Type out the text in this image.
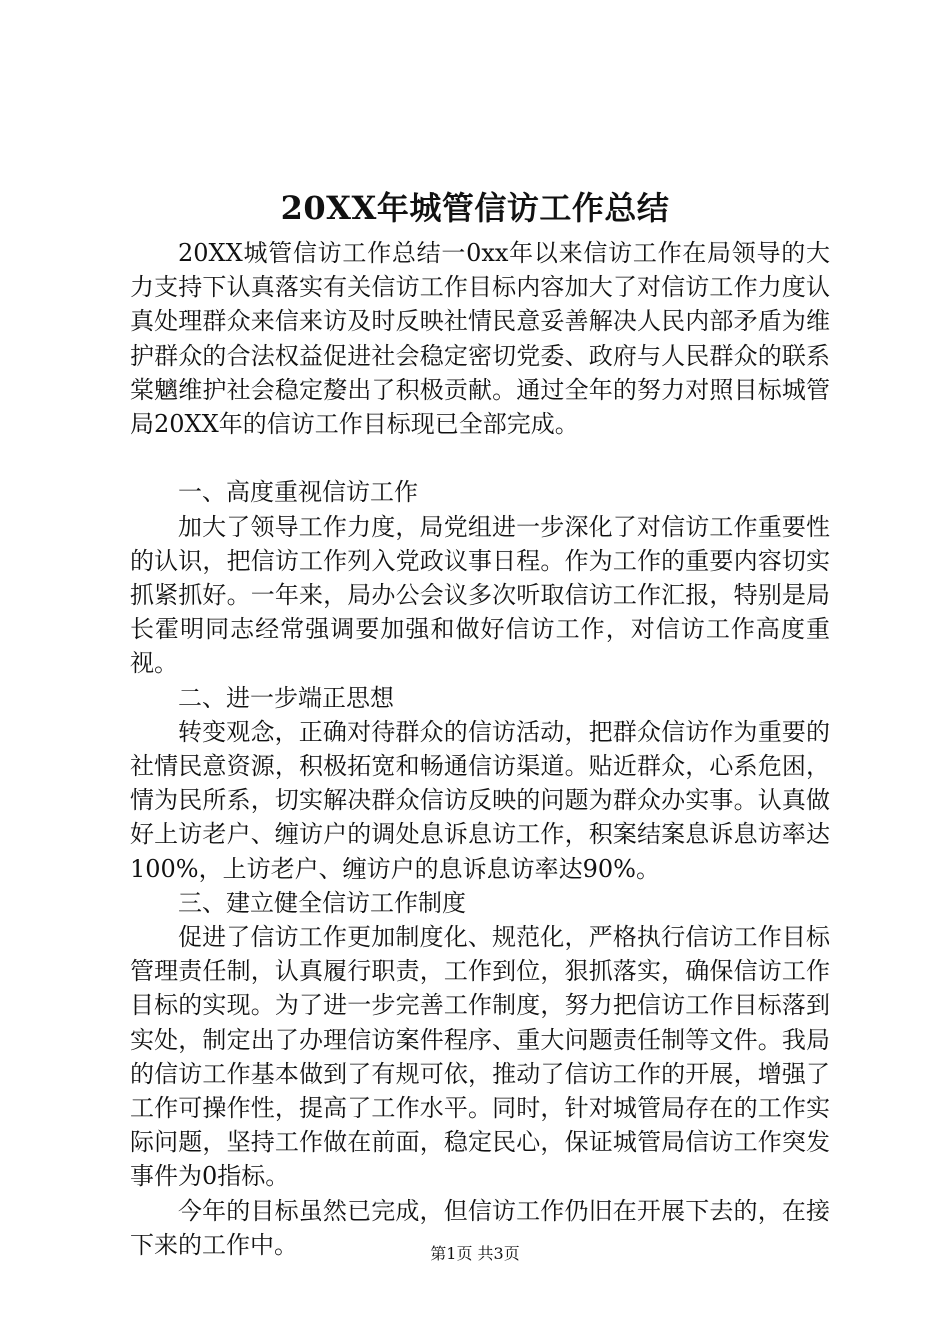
20XX年城管信访工作总结

20XX城管信访工作总结一0xx年以来信访工作在局领导的大力支持下认真落实有关信访工作目标内容加大了对信访工作力度认真处理群众来信来访及时反映社情民意妥善解决人民内部矛盾为维护群众的合法权益促进社会稳定密切党委、政府与人民群众的联系棠魑维护社会稳定嫠出了积极贡献。通过全年的努力对照目标城管局20XX年的信访工作目标现已全部完成。

一、高度重视信访工作

加大了领导工作力度，局党组进一步深化了对信访工作重要性的认识，把信访工作列入党政议事日程。作为工作的重要内容切实抓紧抓好。一年来，局办公会议多次听取信访工作汇报，特别是局长霍明同志经常强调要加强和做好信访工作，对信访工作高度重视。

二、进一步端正思想

转变观念，正确对待群众的信访活动，把群众信访作为重要的社情民意资源，积极拓宽和畅通信访渠道。贴近群众，心系危困，情为民所系，切实解决群众信访反映的问题为群众办实事。认真做好上访老户、缠访户的调处息诉息访工作，积案结案息诉息访率达100%，上访老户、缠访户的息诉息访率达90%。

三、建立健全信访工作制度

促进了信访工作更加制度化、规范化，严格执行信访工作目标管理责任制，认真履行职责，工作到位，狠抓落实，确保信访工作目标的实现。为了进一步完善工作制度，努力把信访工作目标落到实处，制定出了办理信访案件程序、重大问题责任制等文件。我局的信访工作基本做到了有规可依，推动了信访工作的开展，增强了工作可操作性，提高了工作水平。同时，针对城管局存在的工作实际问题，坚持工作做在前面，稳定民心，保证城管局信访工作突发事件为0指标。

今年的目标虽然已完成，但信访工作仍旧在开展下去的，在接下来的工作中。	第1页 共3页
